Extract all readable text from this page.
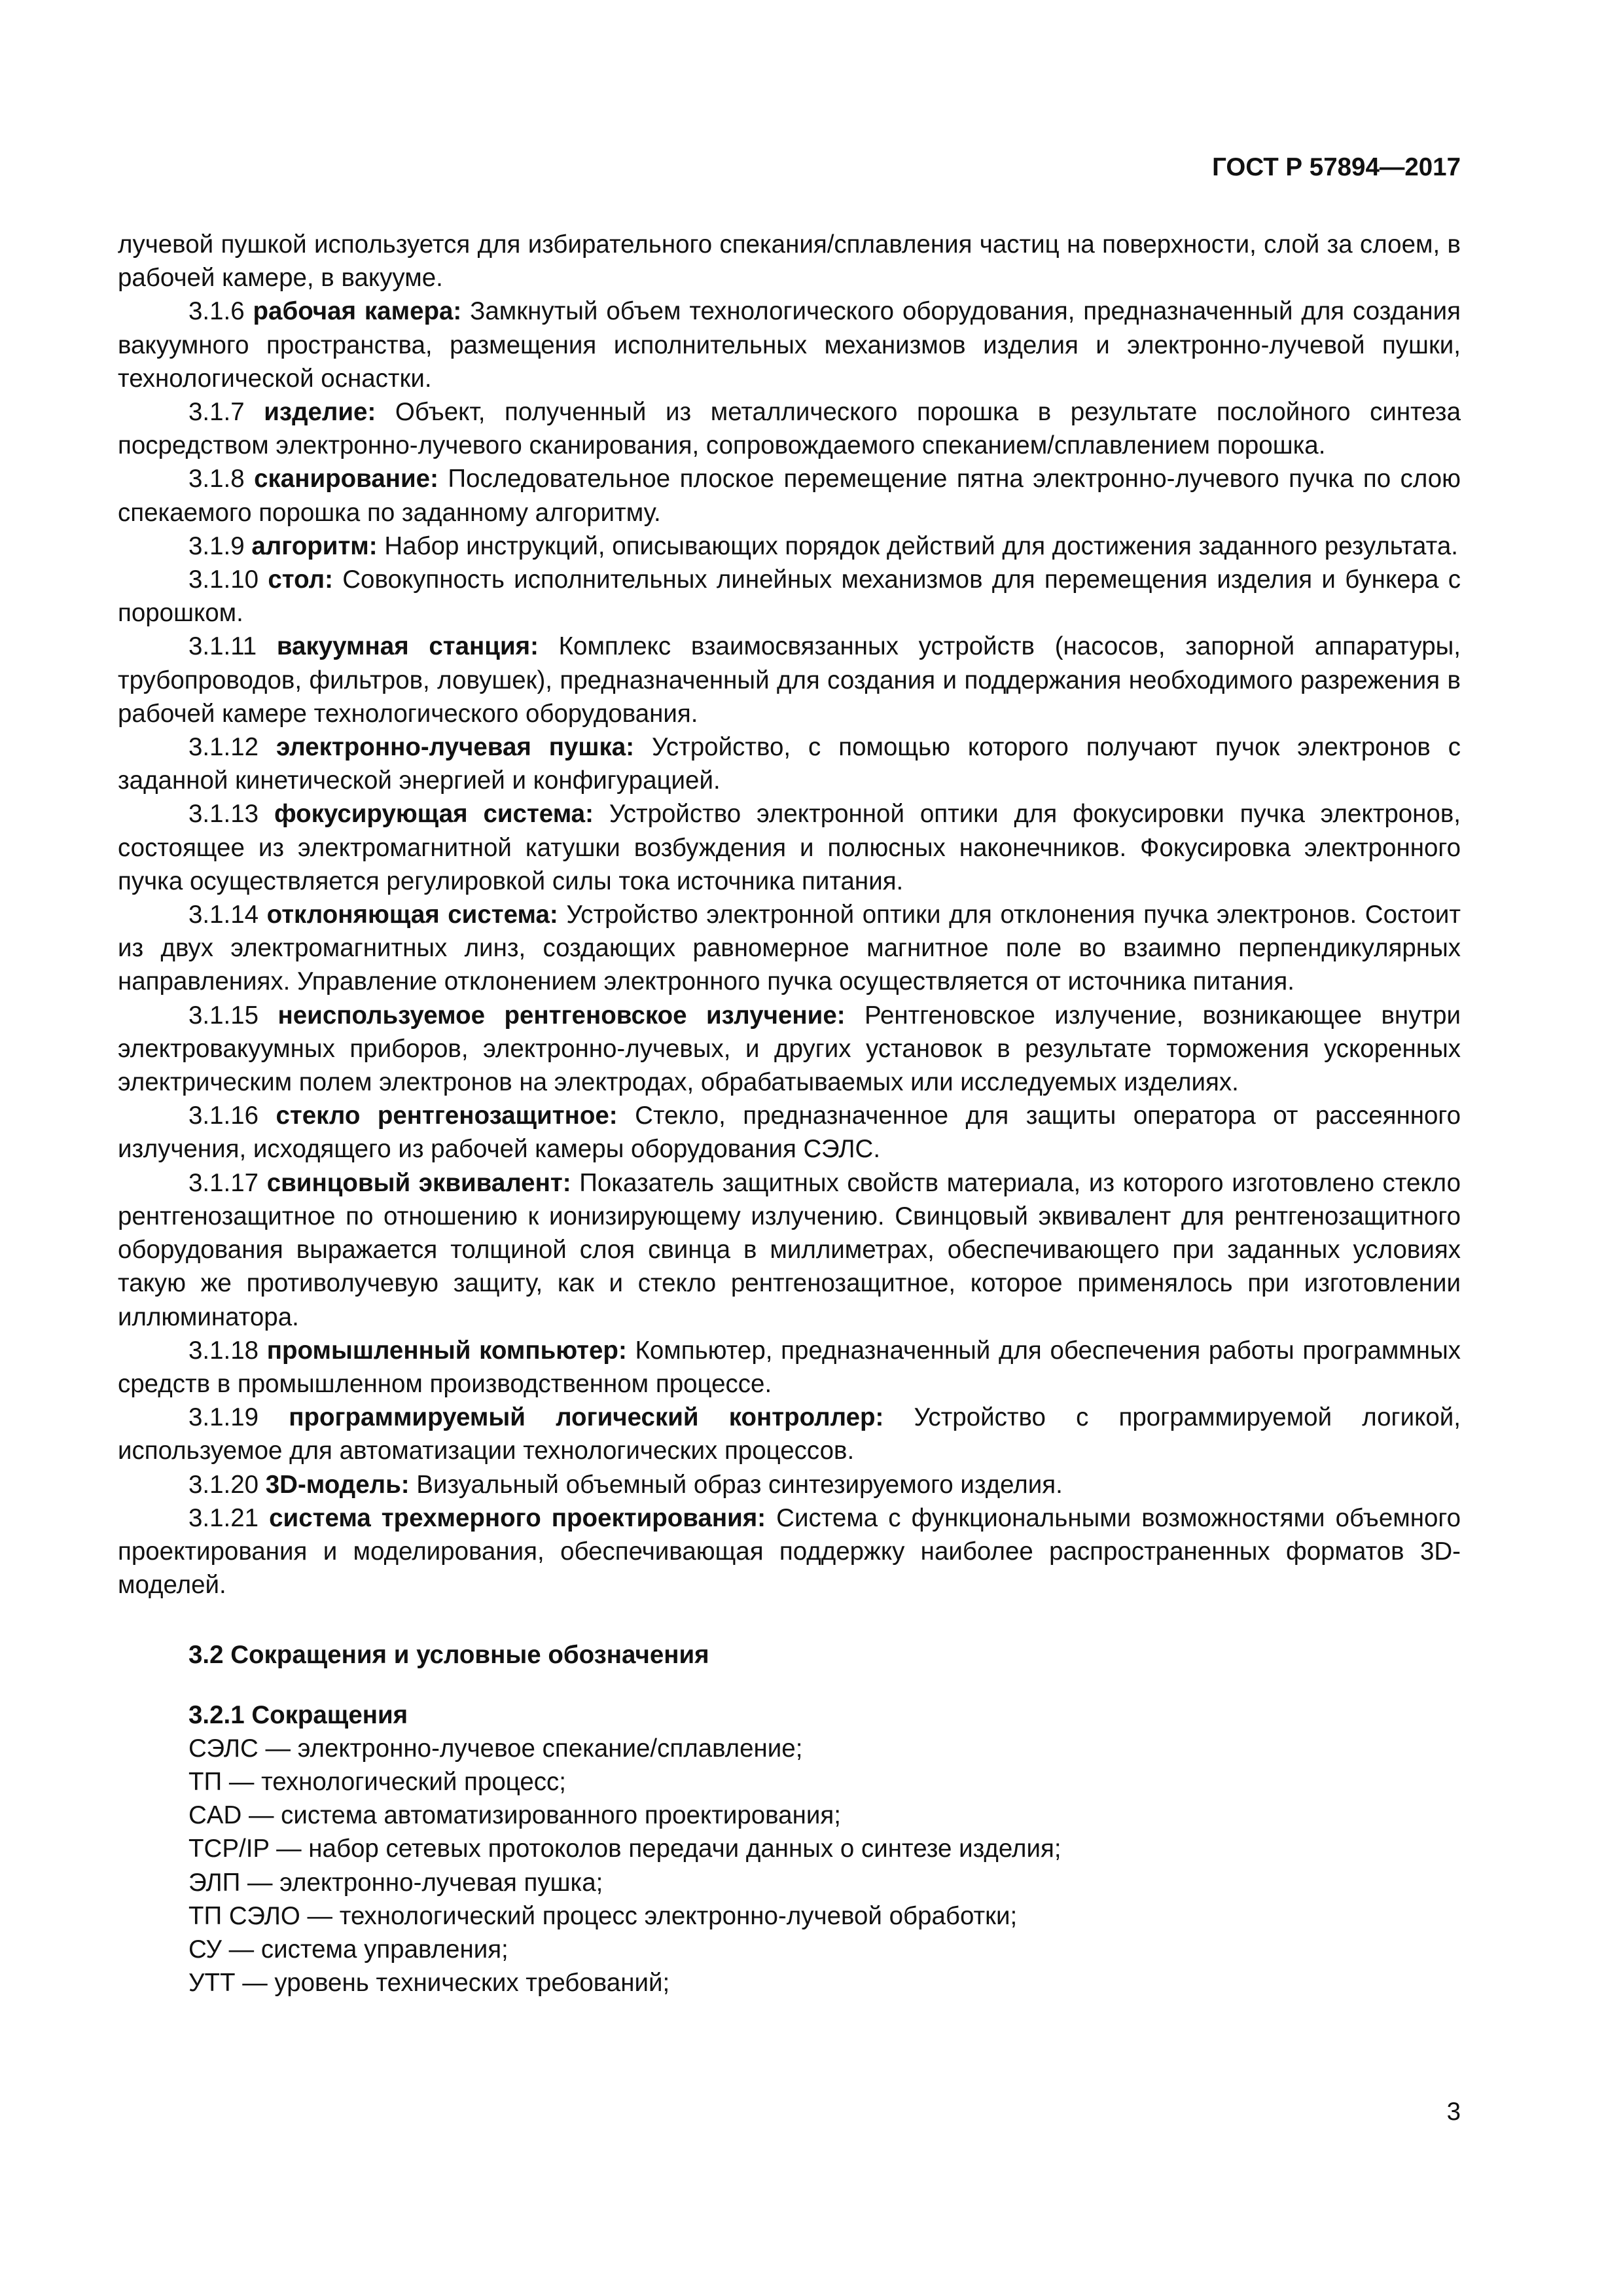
ГОСТ Р 57894—2017

лучевой пушкой используется для избирательного спекания/сплавления частиц на поверхности, слой за слоем, в рабочей камере, в вакууме.

3.1.6 рабочая камера: Замкнутый объем технологического оборудования, предназначенный для создания вакуумного пространства, размещения исполнительных механизмов изделия и электронно-лучевой пушки, технологической оснастки.

3.1.7 изделие: Объект, полученный из металлического порошка в результате послойного синтеза посредством электронно-лучевого сканирования, сопровождаемого спеканием/сплавлением порошка.

3.1.8 сканирование: Последовательное плоское перемещение пятна электронно-лучевого пучка по слою спекаемого порошка по заданному алгоритму.

3.1.9 алгоритм: Набор инструкций, описывающих порядок действий для достижения заданного результата.

3.1.10 стол: Совокупность исполнительных линейных механизмов для перемещения изделия и бункера с порошком.

3.1.11 вакуумная станция: Комплекс взаимосвязанных устройств (насосов, запорной аппаратуры, трубопроводов, фильтров, ловушек), предназначенный для создания и поддержания необходимого разрежения в рабочей камере технологического оборудования.

3.1.12 электронно-лучевая пушка: Устройство, с помощью которого получают пучок электронов с заданной кинетической энергией и конфигурацией.

3.1.13 фокусирующая система: Устройство электронной оптики для фокусировки пучка электронов, состоящее из электромагнитной катушки возбуждения и полюсных наконечников. Фокусировка электронного пучка осуществляется регулировкой силы тока источника питания.

3.1.14 отклоняющая система: Устройство электронной оптики для отклонения пучка электронов. Состоит из двух электромагнитных линз, создающих равномерное магнитное поле во взаимно перпендикулярных направлениях. Управление отклонением электронного пучка осуществляется от источника питания.

3.1.15 неиспользуемое рентгеновское излучение: Рентгеновское излучение, возникающее внутри электровакуумных приборов, электронно-лучевых, и других установок в результате торможения ускоренных электрическим полем электронов на электродах, обрабатываемых или исследуемых изделиях.

3.1.16 стекло рентгенозащитное: Стекло, предназначенное для защиты оператора от рассеянного излучения, исходящего из рабочей камеры оборудования СЭЛС.

3.1.17 свинцовый эквивалент: Показатель защитных свойств материала, из которого изготовлено стекло рентгенозащитное по отношению к ионизирующему излучению. Свинцовый эквивалент для рентгенозащитного оборудования выражается толщиной слоя свинца в миллиметрах, обеспечивающего при заданных условиях такую же противолучевую защиту, как и стекло рентгенозащитное, которое применялось при изготовлении иллюминатора.

3.1.18 промышленный компьютер: Компьютер, предназначенный для обеспечения работы программных средств в промышленном производственном процессе.

3.1.19 программируемый логический контроллер: Устройство с программируемой логикой, используемое для автоматизации технологических процессов.

3.1.20 3D-модель: Визуальный объемный образ синтезируемого изделия.

3.1.21 система трехмерного проектирования: Система с функциональными возможностями объемного проектирования и моделирования, обеспечивающая поддержку наиболее распространенных форматов 3D-моделей.

3.2 Сокращения и условные обозначения
3.2.1 Сокращения
СЭЛС — электронно-лучевое спекание/сплавление;
ТП — технологический процесс;
CAD — система автоматизированного проектирования;
TCP/IP — набор сетевых протоколов передачи данных о синтезе изделия;
ЭЛП — электронно-лучевая пушка;
ТП СЭЛО — технологический процесс электронно-лучевой обработки;
СУ — система управления;
УТТ — уровень технических требований;
3
